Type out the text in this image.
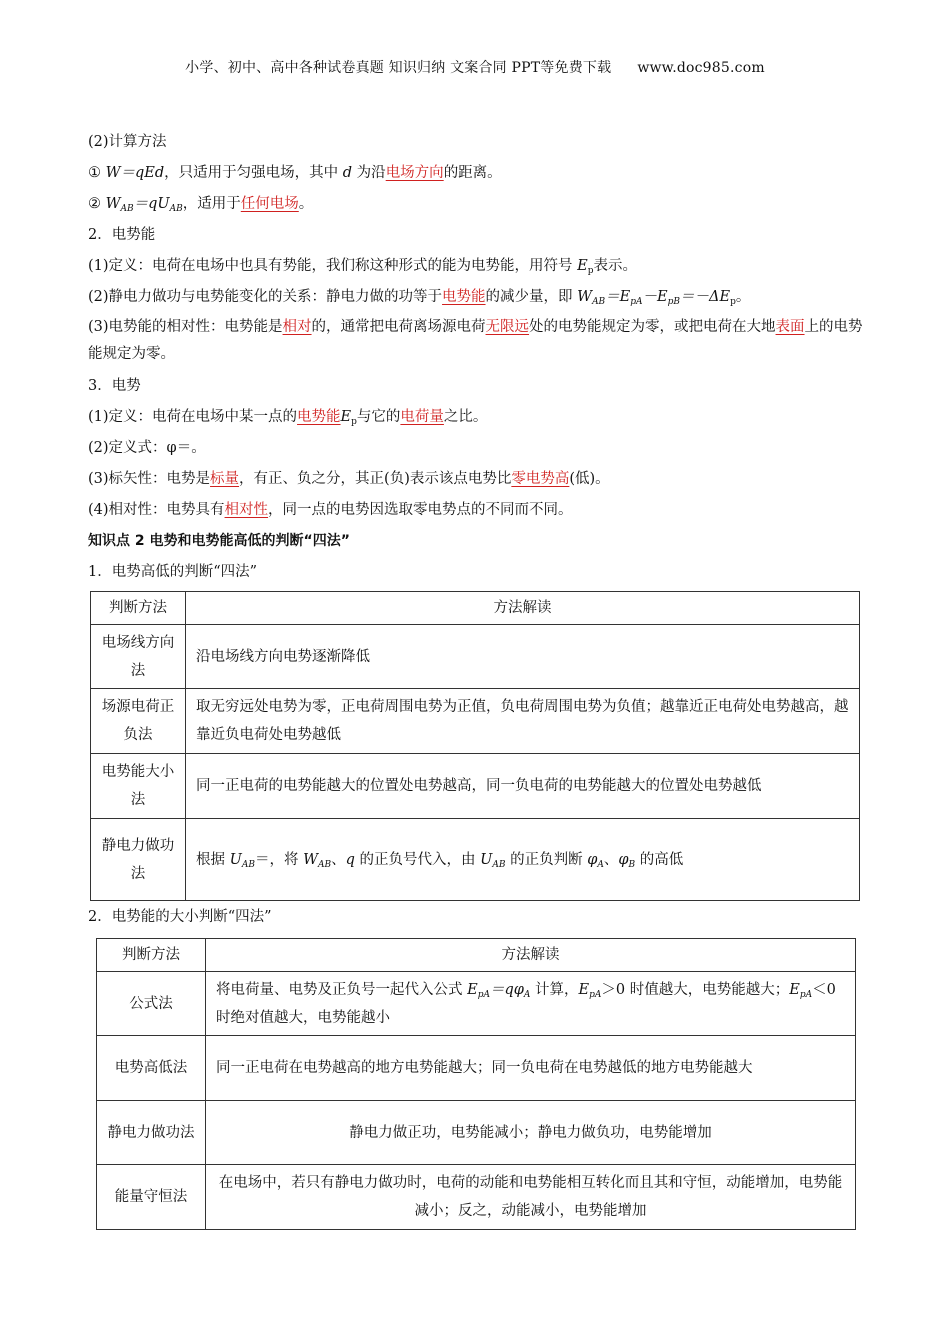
小学、初中、高中各种试卷真题 知识归纳 文案合同 PPT等免费下载 www.doc985.com
(2)计算方法
① W＝qEd，只适用于匀强电场，其中 d 为沿电场方向的距离。
② $W_{AB}=qU_{AB}$，适用于任何电场。
2．电势能
(1)定义：电荷在电场中也具有势能，我们称这种形式的能为电势能，用符号 $E_p$表示。
(2)静电力做功与电势能变化的关系：静电力做的功等于电势能的减少量，即 $W_{AB}=E_{pA}-E_{pB}=-\Delta E_p$。
(3)电势能的相对性：电势能是相对的，通常把电荷离场源电荷无限远处的电势能规定为零，或把电荷在大地表面上的电势能规定为零。
3．电势
(1)定义：电荷在电场中某一点的电势能$E_p$与它的电荷量之比。
(2)定义式：φ＝。
(3)标矢性：电势是标量，有正、负之分，其正(负)表示该点电势比零电势高(低)。
(4)相对性：电势具有相对性，同一点的电势因选取零电势点的不同而不同。
知识点 2 电势和电势能高低的判断“四法”
1．电势高低的判断“四法”
判断方法	方法解读
电场线方向法	沿电场线方向电势逐渐降低
场源电荷正负法	取无穷远处电势为零，正电荷周围电势为正值，负电荷周围电势为负值；越靠近正电荷处电势越高，越靠近负电荷处电势越低
电势能大小法	同一正电荷的电势能越大的位置处电势越高，同一负电荷的电势能越大的位置处电势越低
静电力做功法	根据 $U_{AB}=$，将 $W_{AB}$、q 的正负号代入，由 $U_{AB}$ 的正负判断 $\varphi_A$、$\varphi_B$ 的高低
2．电势能的大小判断“四法”
判断方法	方法解读
公式法	将电荷量、电势及正负号一起代入公式 $E_{pA}=q\varphi_A$ 计算，$E_{pA}>0$ 时值越大，电势能越大；$E_{pA}<0$ 时绝对值越大，电势能越小
电势高低法	同一正电荷在电势越高的地方电势能越大；同一负电荷在电势越低的地方电势能越大
静电力做功法	静电力做正功，电势能减小；静电力做负功，电势能增加
能量守恒法	在电场中，若只有静电力做功时，电荷的动能和电势能相互转化而且其和守恒，动能增加，电势能减小；反之，动能减小，电势能增加
